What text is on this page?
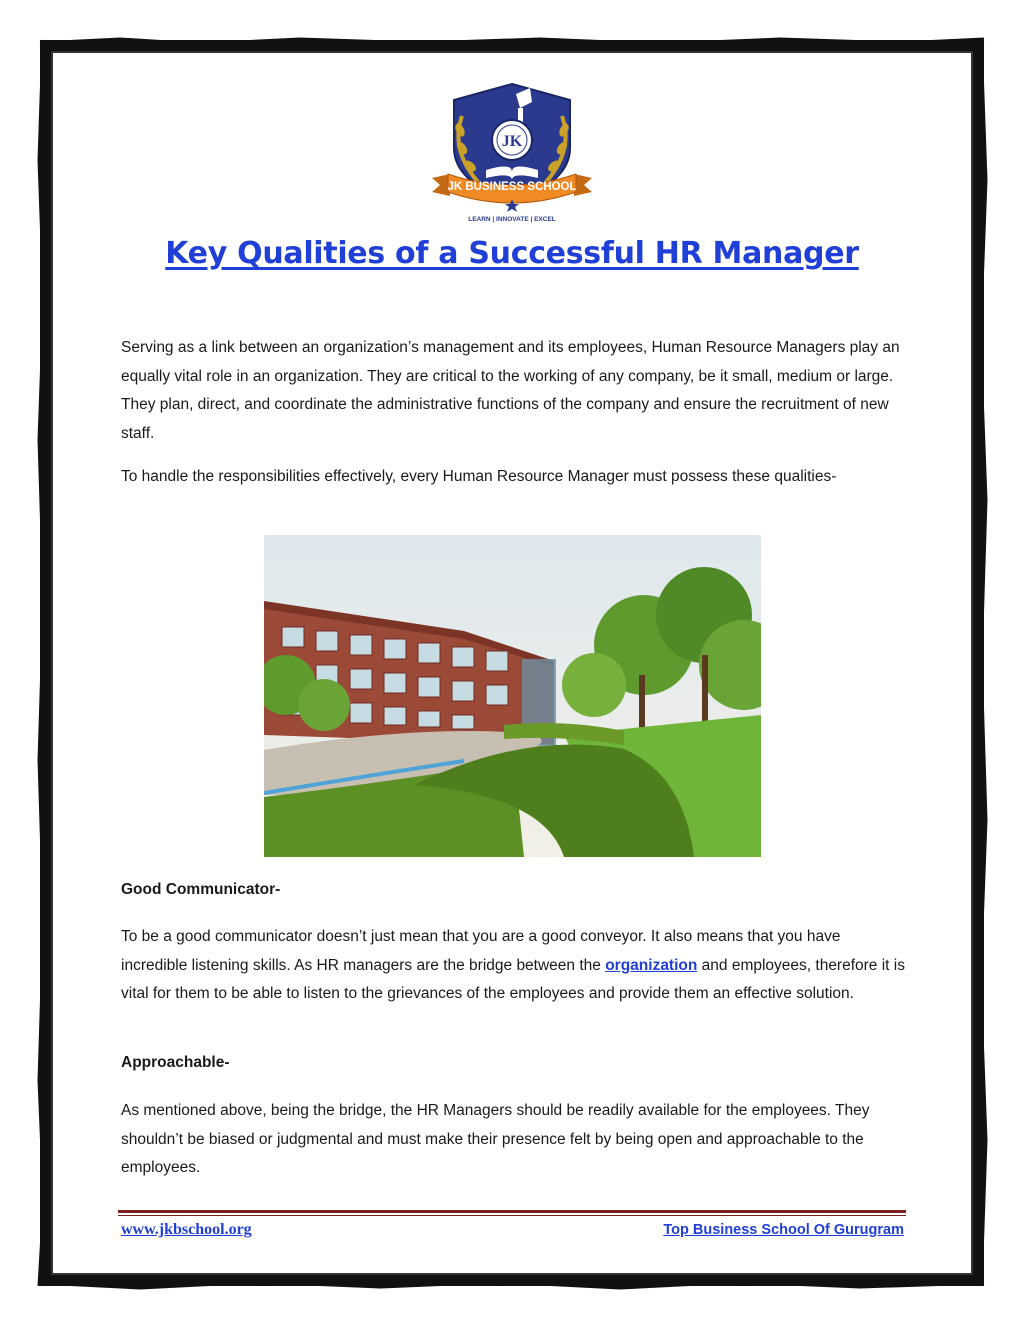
JK
JK BUSINESS SCHOOL
LEARN | INNOVATE | EXCEL
Key Qualities of a Successful HR Manager

Serving as a link between an organization’s management and its employees, Human Resource Managers play an equally vital role in an organization. They are critical to the working of any company, be it small, medium or large. They plan, direct, and coordinate the administrative functions of the company and ensure the recruitment of new staff.

To handle the responsibilities effectively, every Human Resource Manager must possess these qualities-

Good Communicator-

To be a good communicator doesn’t just mean that you are a good conveyor. It also means that you have incredible listening skills. As HR managers are the bridge between the organization and employees, therefore it is vital for them to be able to listen to the grievances of the employees and provide them an effective solution.

Approachable-

As mentioned above, being the bridge, the HR Managers should be readily available for the employees. They shouldn’t be biased or judgmental and must make their presence felt by being open and approachable to the employees.

www.jkbschool.org	Top Business School Of Gurugram
